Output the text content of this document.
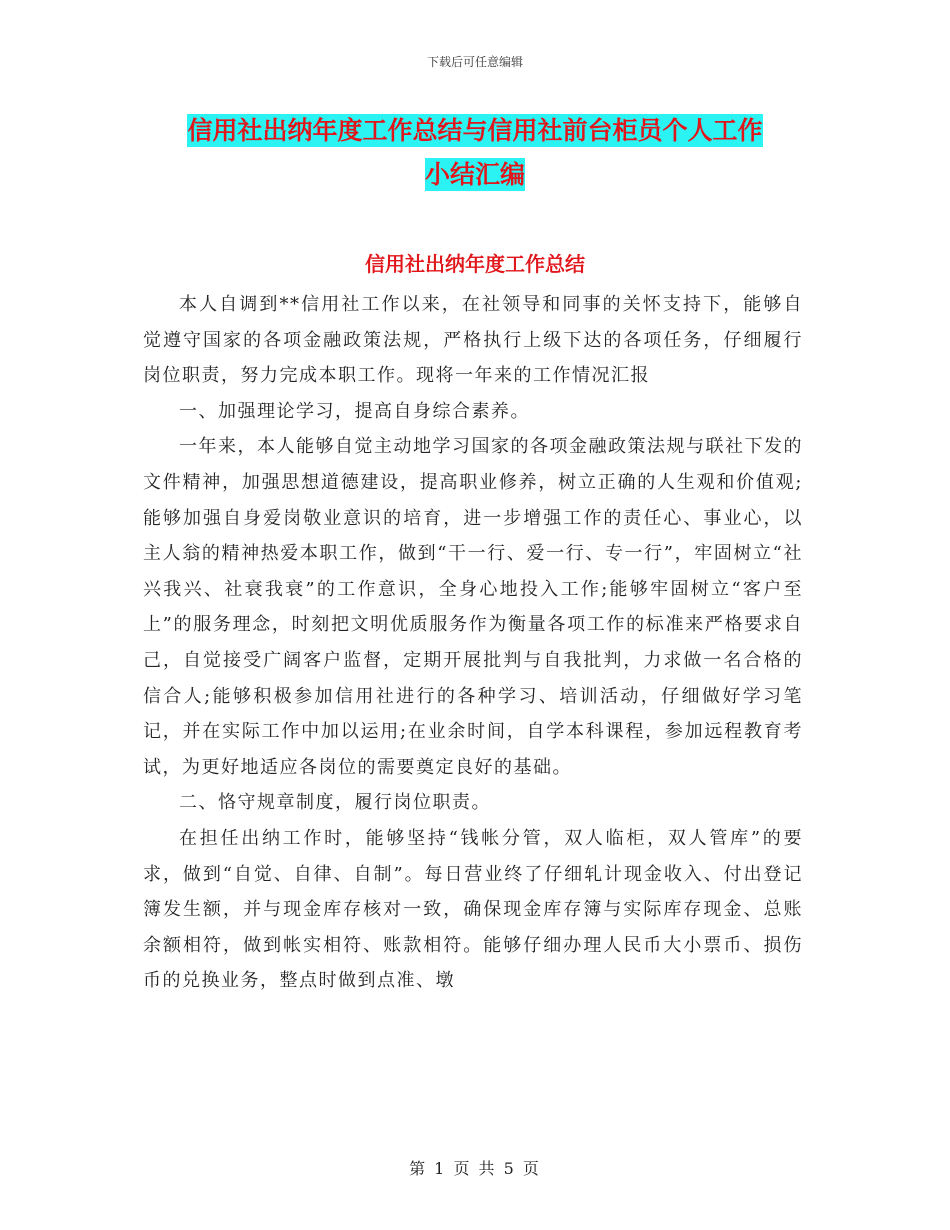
下载后可任意编辑
信用社出纳年度工作总结与信用社前台柜员个人工作
小结汇编
信用社出纳年度工作总结

本人自调到**信用社工作以来，在社领导和同事的关怀支持下，能够自觉遵守国家的各项金融政策法规，严格执行上级下达的各项任务，仔细履行岗位职责，努力完成本职工作。现将一年来的工作情况汇报

一、加强理论学习，提高自身综合素养。

一年来，本人能够自觉主动地学习国家的各项金融政策法规与联社下发的文件精神，加强思想道德建设，提高职业修养，树立正确的人生观和价值观;能够加强自身爱岗敬业意识的培育，进一步增强工作的责任心、事业心，以主人翁的精神热爱本职工作，做到“干一行、爱一行、专一行”，牢固树立“社兴我兴、社衰我衰”的工作意识，全身心地投入工作;能够牢固树立“客户至上”的服务理念，时刻把文明优质服务作为衡量各项工作的标准来严格要求自己，自觉接受广阔客户监督，定期开展批判与自我批判，力求做一名合格的信合人;能够积极参加信用社进行的各种学习、培训活动，仔细做好学习笔记，并在实际工作中加以运用;在业余时间，自学本科课程，参加远程教育考试，为更好地适应各岗位的需要奠定良好的基础。

二、恪守规章制度，履行岗位职责。

在担任出纳工作时，能够坚持“钱帐分管，双人临柜，双人管库”的要求，做到“自觉、自律、自制”。每日营业终了仔细轧计现金收入、付出登记簿发生额，并与现金库存核对一致，确保现金库存簿与实际库存现金、总账余额相符，做到帐实相符、账款相符。能够仔细办理人民币大小票币、损伤币的兑换业务，整点时做到点准、墩

第 1 页 共 5 页
